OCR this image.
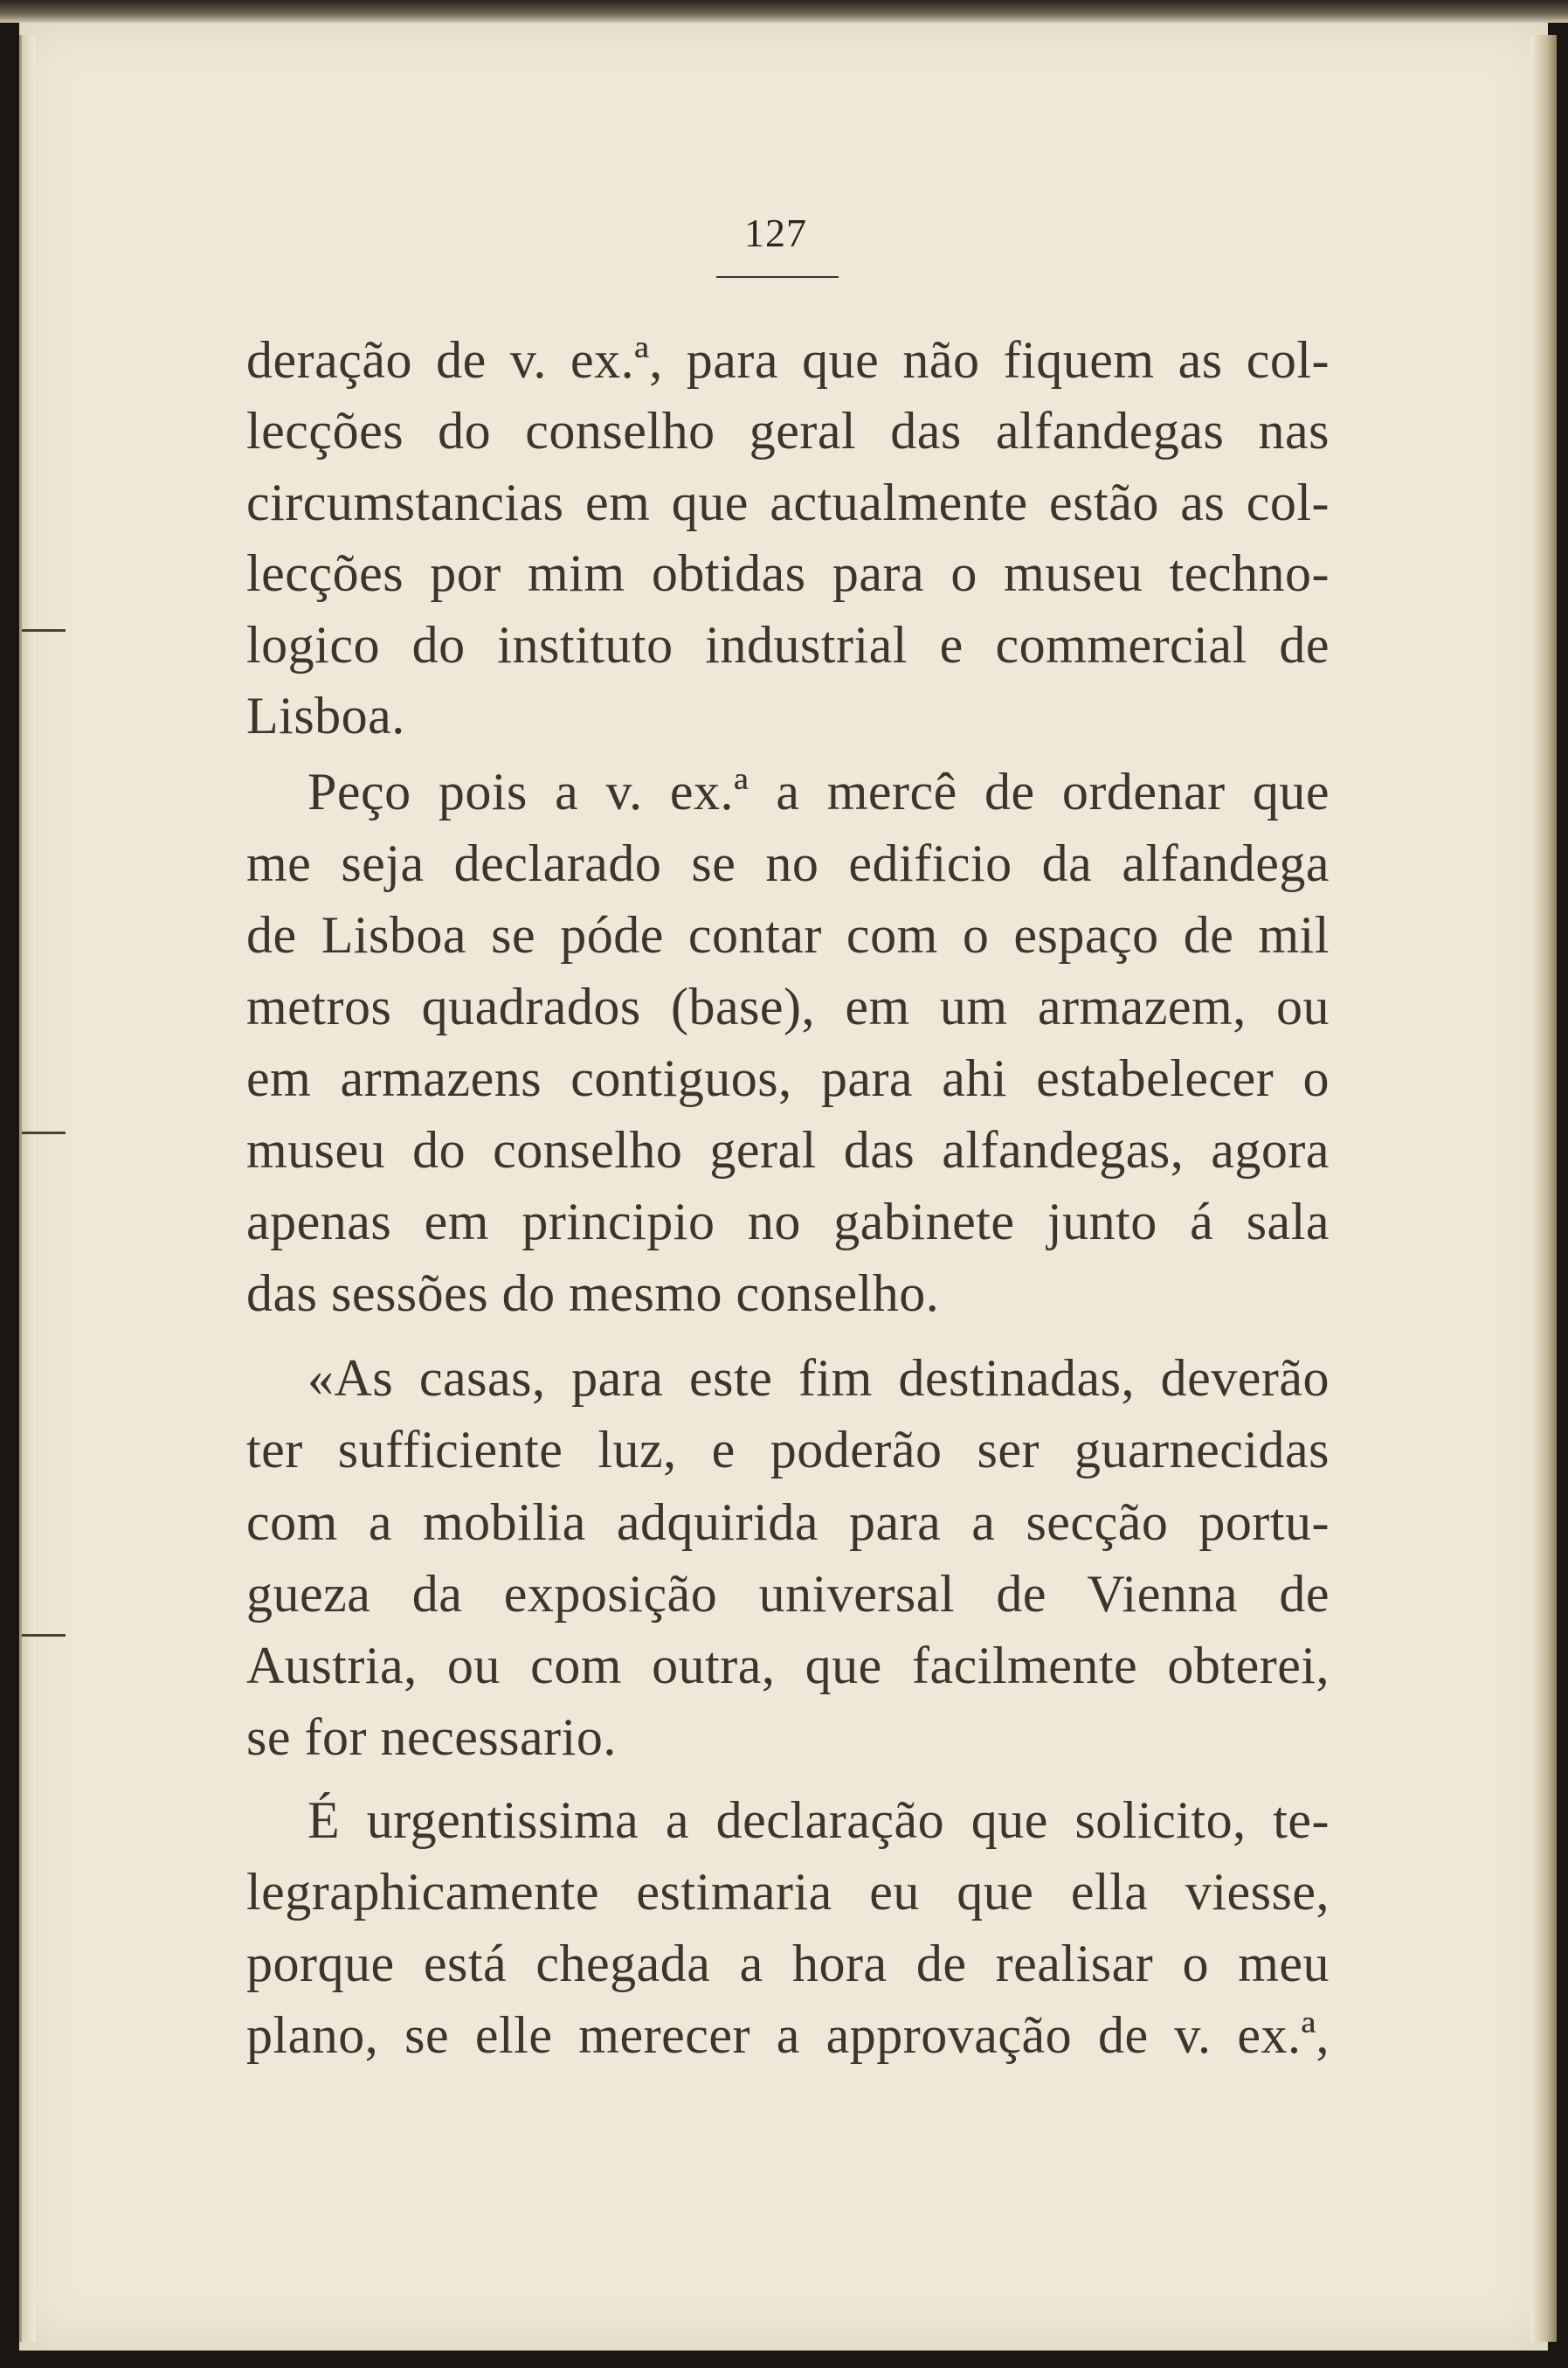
127
deração de v. ex.ª, para que não fiquem as col-
lecções do conselho geral das alfandegas nas
circumstancias em que actualmente estão as col-
lecções por mim obtidas para o museu techno-
logico do instituto industrial e commercial de
Lisboa.
Peço pois a v. ex.ª a mercê de ordenar que
me seja declarado se no edificio da alfandega
de Lisboa se póde contar com o espaço de mil
metros quadrados (base), em um armazem, ou
em armazens contiguos, para ahi estabelecer o
museu do conselho geral das alfandegas, agora
apenas em principio no gabinete junto á sala
das sessões do mesmo conselho.
«As casas, para este fim destinadas, deverão
ter sufficiente luz, e poderão ser guarnecidas
com a mobilia adquirida para a secção portu-
gueza da exposição universal de Vienna de
Austria, ou com outra, que facilmente obterei,
se for necessario.
É urgentissima a declaração que solicito, te-
legraphicamente estimaria eu que ella viesse,
porque está chegada a hora de realisar o meu
plano, se elle merecer a approvação de v. ex.ª,
